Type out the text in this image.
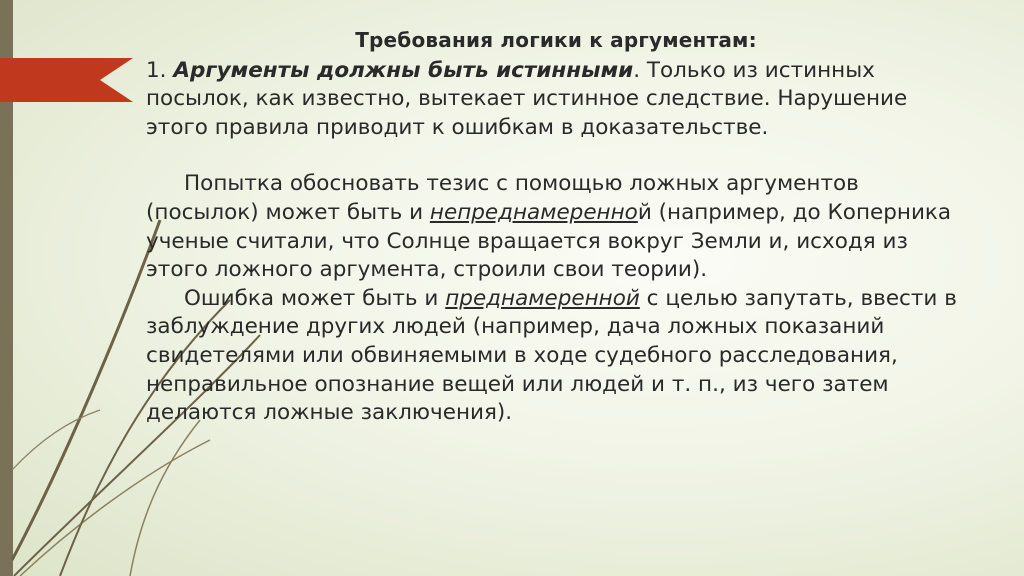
Требования логики к аргументам:

1. Аргументы должны быть истинными. Только из истинных посылок, как известно, вытекает истинное следствие. Нарушение этого правила приводит к ошибкам в доказательстве.

Попытка обосновать тезис с помощью ложных аргументов (посылок) может быть и непреднамеренной (например, до Коперника ученые считали, что Солнце вращается вокруг Земли и, исходя из этого ложного аргумента, строили свои теории).

Ошибка может быть и преднамеренной с целью запутать, ввести в заблуждение других людей (например, дача ложных показаний свидетелями или обвиняемыми в ходе судебного расследования, неправильное опознание вещей или людей и т. п., из чего затем делаются ложные заключения).
